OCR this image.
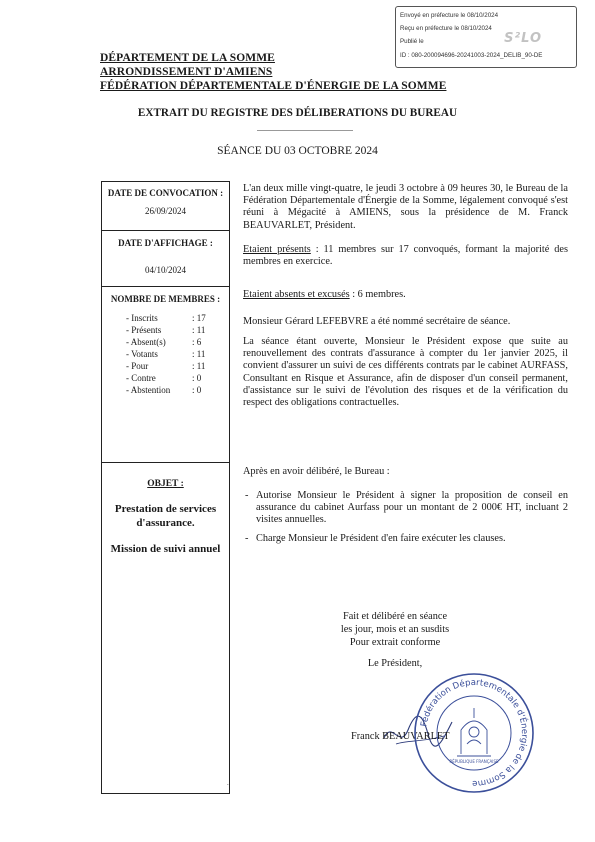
Envoyé en préfecture le 08/10/2024
Reçu en préfecture le 08/10/2024
Publié le
ID : 080-200094696-20241003-2024_DELIB_90-DE
S²LO
DÉPARTEMENT DE LA SOMME
ARRONDISSEMENT D'AMIENS
FÉDÉRATION DÉPARTEMENTALE D'ÉNERGIE DE LA SOMME
EXTRAIT DU REGISTRE DES DÉLIBERATIONS DU BUREAU
SÉANCE DU 03 OCTOBRE 2024
DATE DE CONVOCATION :
26/09/2024
DATE D'AFFICHAGE :
04/10/2024
NOMBRE DE MEMBRES :
- Inscrits	: 17
- Présents	: 11
- Absent(s)	: 6
- Votants	: 11
- Pour	: 11
- Contre	: 0
- Abstention : 0
OBJET :
Prestation de services
d'assurance.
Mission de suivi annuel
.
L'an deux mille vingt-quatre, le jeudi 3 octobre à 09 heures 30, le Bureau de la Fédération Départementale d'Énergie de la Somme, légalement convoqué s'est réuni à Mégacité à AMIENS, sous la présidence de M. Franck BEAUVARLET, Président.
Etaient présents : 11 membres sur 17 convoqués, formant la majorité des membres en exercice.
Etaient absents et excusés : 6 membres.
Monsieur Gérard LEFEBVRE a été nommé secrétaire de séance.
La séance étant ouverte, Monsieur le Président expose que suite au renouvellement des contrats d'assurance à compter du 1er janvier 2025, il convient d'assurer un suivi de ces différents contrats par le cabinet AURFASS, Consultant en Risque et Assurance, afin de disposer d'un conseil permanent, d'assistance sur le suivi de l'évolution des risques et de la vérification du respect des obligations contractuelles.
Après en avoir délibéré, le Bureau :
- Autorise Monsieur le Président à signer la proposition de conseil en assurance du cabinet Aurfass pour un montant de 2 000€ HT, incluant 2 visites annuelles.
- Charge Monsieur le Président d'en faire exécuter les clauses.
Fait et délibéré en séance
les jour, mois et an susdits
Pour extrait conforme
Le Président,
Franck BEAUVARLET
Fédération Départementale d'Énergie de la Somme
RÉPUBLIQUE FRANÇAISE
